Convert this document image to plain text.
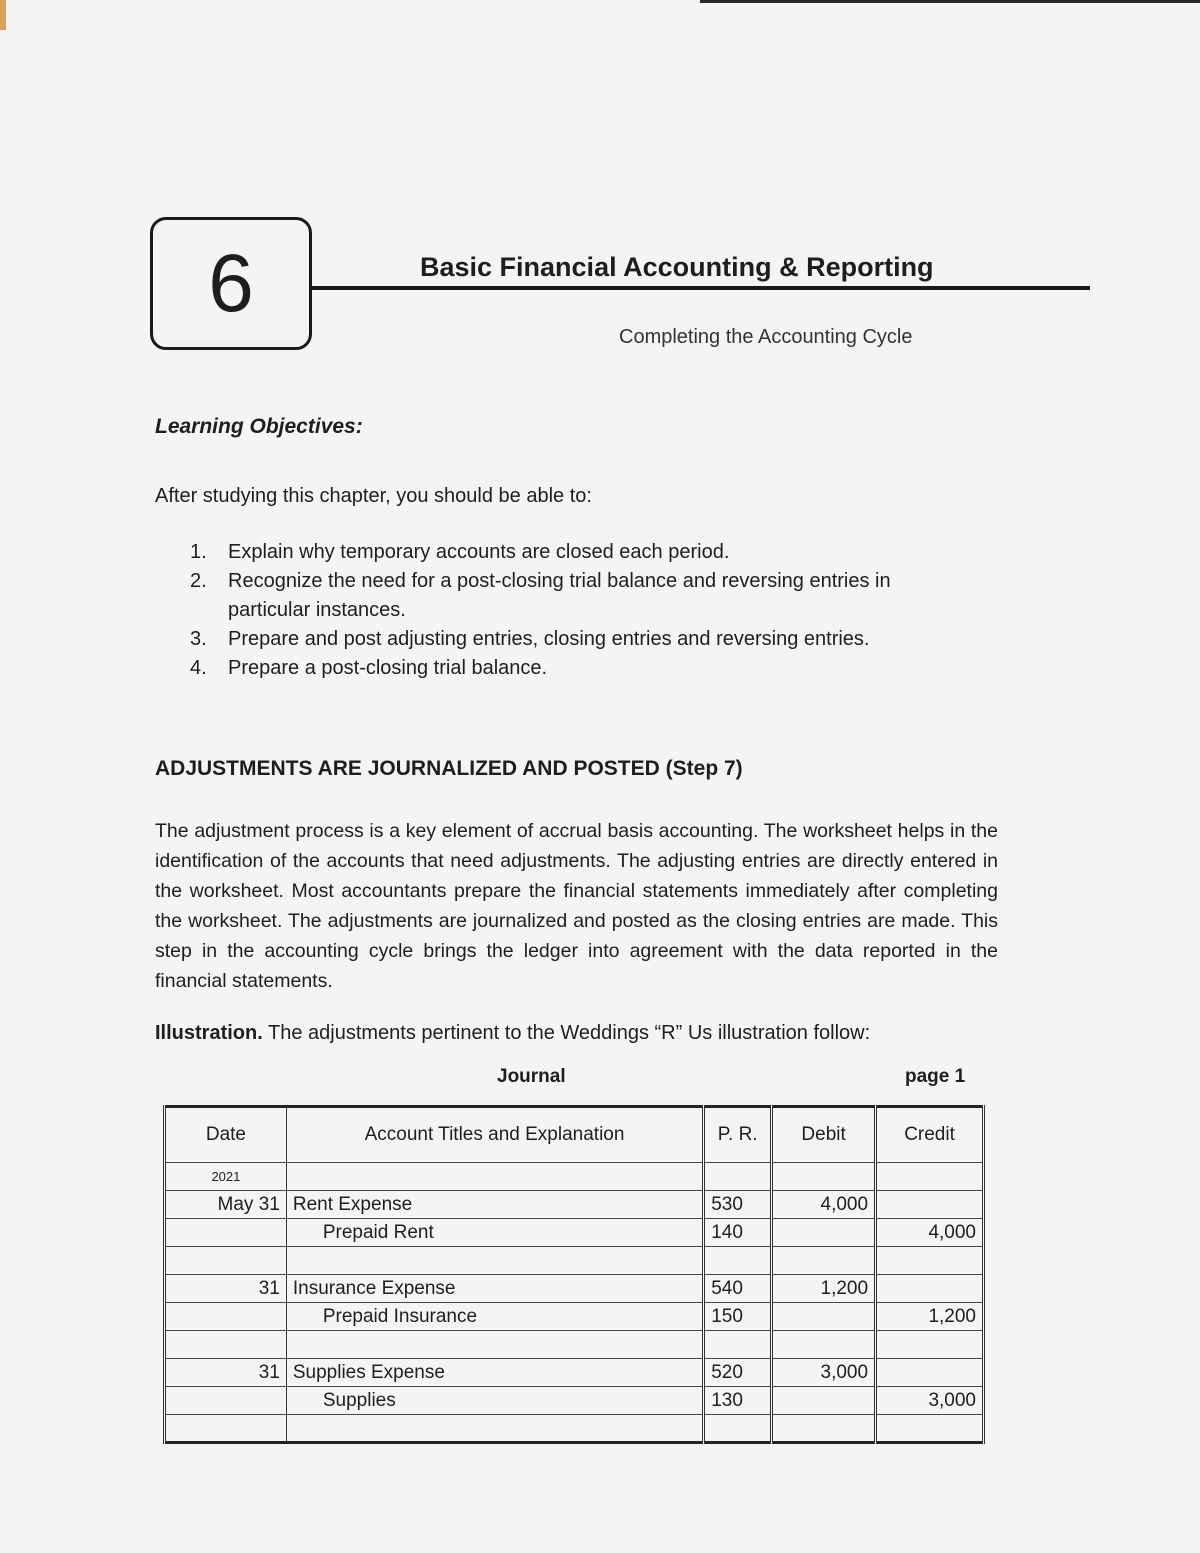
6	Basic Financial Accounting & Reporting
Completing the Accounting Cycle
Learning Objectives:
After studying this chapter, you should be able to:
1.	Explain why temporary accounts are closed each period.
2.	Recognize the need for a post-closing trial balance and reversing entries in particular instances.
3.	Prepare and post adjusting entries, closing entries and reversing entries.
4.	Prepare a post-closing trial balance.
ADJUSTMENTS ARE JOURNALIZED AND POSTED (Step 7)

The adjustment process is a key element of accrual basis accounting. The worksheet helps in the identification of the accounts that need adjustments. The adjusting entries are directly entered in the worksheet. Most accountants prepare the financial statements immediately after completing the worksheet. The adjustments are journalized and posted as the closing entries are made. This step in the accounting cycle brings the ledger into agreement with the data reported in the financial statements.

Illustration. The adjustments pertinent to the Weddings “R” Us illustration follow:
Journal	page 1
Date	Account Titles and Explanation	P. R.	Debit	Credit
2021				
May 31	Rent Expense	530	4,000	
	Prepaid Rent	140		4,000

31	Insurance Expense	540	1,200	
	Prepaid Insurance	150		1,200

31	Supplies Expense	520	3,000	
	Supplies	130		3,000
